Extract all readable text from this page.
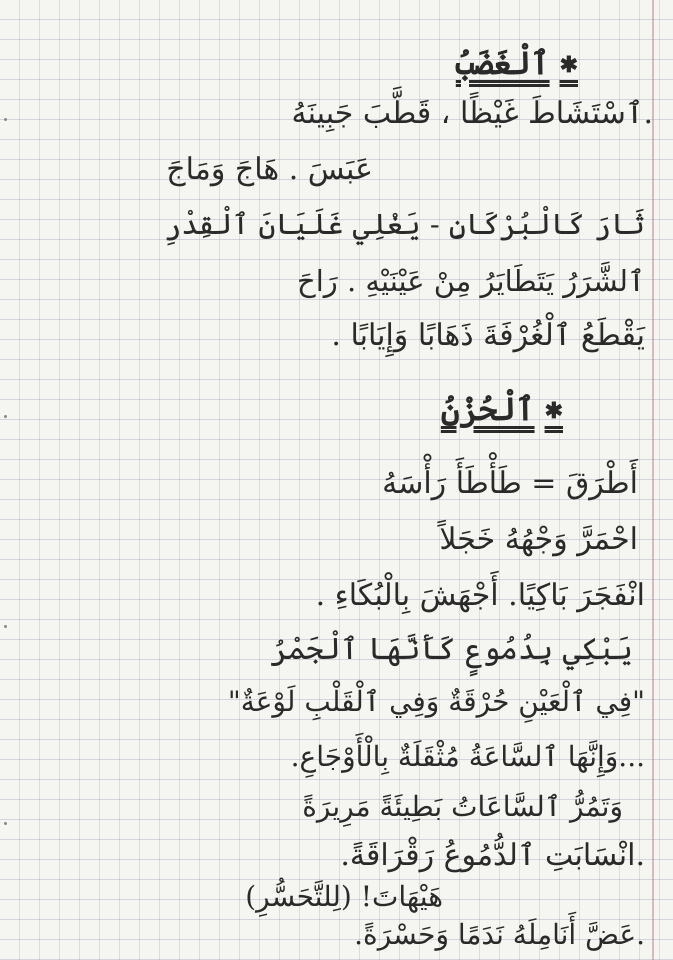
✱ٱلْغَضَبُ
.ٱسْتَشَاطَ غَيْظًا ، قَطَّبَ جَبِينَهُ
عَبَسَ . هَاجَ وَمَاجَ
ثَارَ كَالْبُرْكَانِ - يَغْلِي غَلَيَانَ ٱلْقِدْرِ
ٱلشَّرَرُ يَتَطَايَرُ مِنْ عَيْنَيْهِ . رَاحَ
يَقْطَعُ ٱلْغُرْفَةَ ذَهَابًا وَإِيَابًا .
✱ٱلْحُزْنُ
أَطْرَقَ = طَأْطَأَ رَأْسَهُ
احْمَرَّ وَجْهُهُ خَجَلاً
انْفَجَرَ بَاكِيًا. أَجْهَشَ بِالْبُكَاءِ .
يَبْكِي بِدُمُوعٍ كَأَنَّهَا ٱلْجَمْرُ
"فِي ٱلْعَيْنِ حُرْقَةٌ وَفِي ٱلْقَلْبِ لَوْعَةٌ"
...وَإِنَّهَا ٱلسَّاعَةُ مُثْقَلَةٌ بِالْأَوْجَاعِ.
وَتَمُرُّ ٱلسَّاعَاتُ بَطِيئَةً مَرِيرَةً
.انْسَابَتِ ٱلدُّمُوعُ رَقْرَاقَةً.
هَيْهَاتَ! (لِلتَّحَسُّرِ)
.عَضَّ أَنَامِلَهُ نَدَمًا وَحَسْرَةً.
